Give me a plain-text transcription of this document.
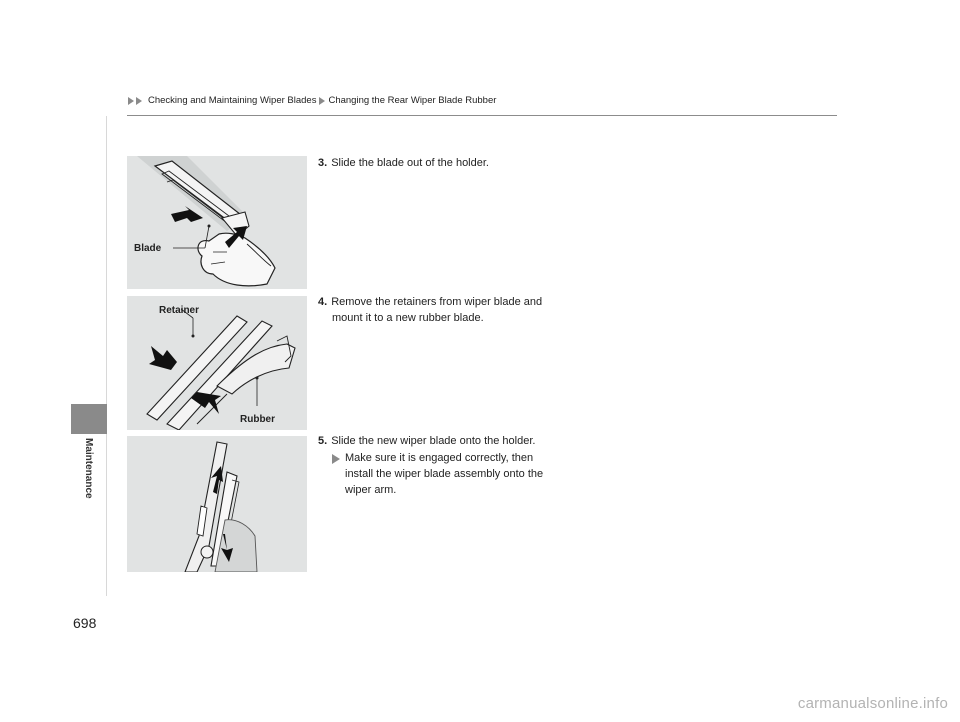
Checking and Maintaining Wiper Blades Changing the Rear Wiper Blade Rubber
Maintenance
Blade
Retainer
Rubber
3. Slide the blade out of the holder.
4. Remove the retainers from wiper blade and
mount it to a new rubber blade.
5. Slide the new wiper blade onto the holder.
Make sure it is engaged correctly, then
install the wiper blade assembly onto the
wiper arm.
698
carmanualsonline.info
